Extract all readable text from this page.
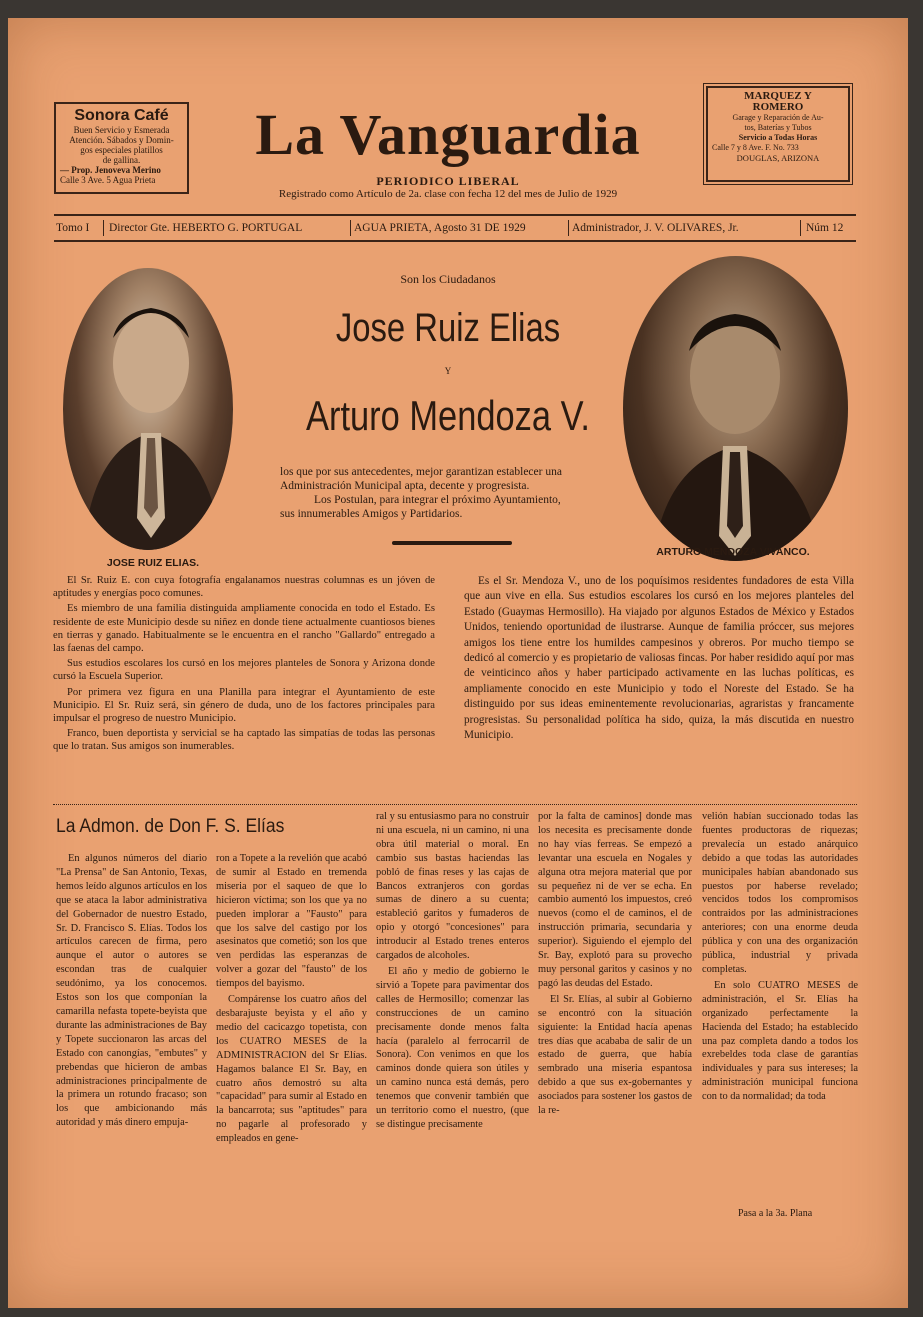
Sonora Café
Buen Servicio y Esmerada
Atención. Sábados y Domin-
gos especiales platillos
de gallina.
— Prop. Jenoveva Merino
Calle 3 Ave. 5 Agua Prieta
La Vanguardia
PERIODICO LIBERAL
Registrado como Artículo de 2a. clase con fecha 12 del mes de Julio de 1929
MARQUEZ Y
ROMERO
Garage y Reparación de Au-
tos, Baterías y Tubos
Servicio a Todas Horas
Calle 7 y 8 Ave. F. No. 733
DOUGLAS, ARIZONA
Tomo I Director Gte. HEBERTO G. PORTUGAL	AGUA PRIETA, Agosto 31 DE 1929	Administrador, J. V. OLIVARES, Jr.	Núm 12
Son los Ciudadanos
Jose Ruiz Elias
Y
Arturo Mendoza V.
los que por sus antecedentes, mejor garantizan establecer una
Administración Municipal apta, decente y progresista.
Los Postulan, para integrar el próximo Ayuntamiento,
sus innumerables Amigos y Partidarios.
JOSE RUIZ ELIAS.
ARTURO MENDOZA VIVANCO.

El Sr. Ruiz E. con cuya fotografía engalanamos nuestras columnas es un jóven de aptitudes y energías poco comunes.

Es miembro de una familia distinguida ampliamente conocida en todo el Estado. Es residente de este Municipio desde su niñez en donde tiene actualmente cuantiosos bienes en tierras y ganado. Habitualmente se le encuentra en el rancho "Gallardo" entregado a las faenas del campo.

Sus estudios escolares los cursó en los mejores planteles de Sonora y Arizona donde cursó la Escuela Superior.

Por primera vez figura en una Planilla para integrar el Ayuntamiento de este Municipio. El Sr. Ruiz será, sin género de duda, uno de los factores principales para impulsar el progreso de nuestro Municipio.

Franco, buen deportista y servicial se ha captado las simpatías de todas las personas que lo tratan. Sus amigos son inumerables.

Es el Sr. Mendoza V., uno de los poquísimos residentes fundadores de esta Villa que aun vive en ella. Sus estudios escolares los cursó en los mejores planteles del Estado (Guaymas Hermosillo). Ha viajado por algunos Estados de México y Estados Unidos, teniendo oportunidad de ilustrarse. Aunque de familia próccer, sus mejores amigos los tiene entre los humildes campesinos y obreros. Por mucho tiempo se dedicó al comercio y es propietario de valiosas fincas. Por haber residido aquí por mas de veinticinco años y haber participado activamente en las luchas políticas, es ampliamente conocido en este Municipio y todo el Noreste del Estado. Se ha distinguido por sus ideas eminentemente revolucionarias, agraristas y francamente progresistas. Su personalidad política ha sido, quiza, la más discutida en nuestro Municipio.

La Admon. de Don F. S. Elías

En algunos números del diario "La Prensa" de San Antonio, Texas, hemos leído algunos artículos en los que se ataca la labor administrativa del Gobernador de nuestro Estado, Sr. D. Francisco S. Elías. Todos los artículos carecen de firma, pero aunque el autor o autores se escondan tras de cualquier seudónimo, ya los conocemos. Estos son los que componían la camarilla nefasta topete-beyista que durante las administraciones de Bay y Topete succionaron las arcas del Estado con canongías, "embutes" y prebendas que hicieron de ambas administraciones principalmente de la primera un rotundo fracaso; son los que ambicionando más autoridad y más dinero empuja-

ron a Topete a la revelión que acabó de sumir al Estado en tremenda miseria por el saqueo de que lo hicieron víctima; son los que ya no pueden implorar a "Fausto" para que los salve del castigo por los asesinatos que cometió; son los que ven perdidas las esperanzas de volver a gozar del "fausto" de los tiempos del bayismo.

Compárense los cuatro años del desbarajuste beyista y el año y medio del cacicazgo topetista, con los CUATRO MESES de la ADMINISTRACION del Sr Elías. Hagamos balance El Sr. Bay, en cuatro años demostró su alta "capacidad" para sumir al Estado en la bancarrota; sus "aptitudes" para no pagarle al profesorado y empleados en gene-

ral y su entusiasmo para no construir ni una escuela, ni un camino, ni una obra útil material o moral. En cambio sus bastas haciendas las pobló de finas reses y las cajas de Bancos extranjeros con gordas sumas de dinero a su cuenta; estableció garitos y fumaderos de opio y otorgó "concesiones" para introducir al Estado trenes enteros cargados de alcoholes.

El año y medio de gobierno le sirvió a Topete para pavimentar dos calles de Hermosillo; comenzar las construcciones de un camino precisamente donde menos falta hacía (paralelo al ferrocarril de Sonora). Con venimos en que los caminos donde quiera son útiles y un camino nunca está demás, pero tenemos que convenir también que un territorio como el nuestro, (que se distingue precisamente

por la falta de caminos] donde mas los necesita es precisamente donde no hay vías ferreas. Se empezó a levantar una escuela en Nogales y alguna otra mejora material que por su pequeñez ni de ver se echa. En cambio aumentó los impuestos, creó nuevos (como el de caminos, el de instrucción primaria, secundaria y superior). Siguiendo el ejemplo del Sr. Bay, explotó para su provecho muy personal garitos y casinos y no pagó las deudas del Estado.

El Sr. Elías, al subir al Gobierno se encontró con la situación siguiente: la Entidad hacía apenas tres días que acababa de salir de un estado de guerra, que había sembrado una miseria espantosa debido a que sus ex-gobernantes y asociados para sostener los gastos de la re-

velión habían succionado todas las fuentes productoras de riquezas; prevalecía un estado anárquico debido a que todas las autoridades municipales habían abandonado sus puestos por haberse revelado; vencidos todos los compromisos contraidos por las administraciones anteriores; con una enorme deuda pública y con una des organización pública, industrial y privada completas.

En solo CUATRO MESES de administración, el Sr. Elías ha organizado perfectamente la Hacienda del Estado; ha establecido una paz completa dando a todos los exrebeldes toda clase de garantías individuales y para sus intereses; la administración municipal funciona con to da normalidad; da toda

Pasa a la 3a. Plana
